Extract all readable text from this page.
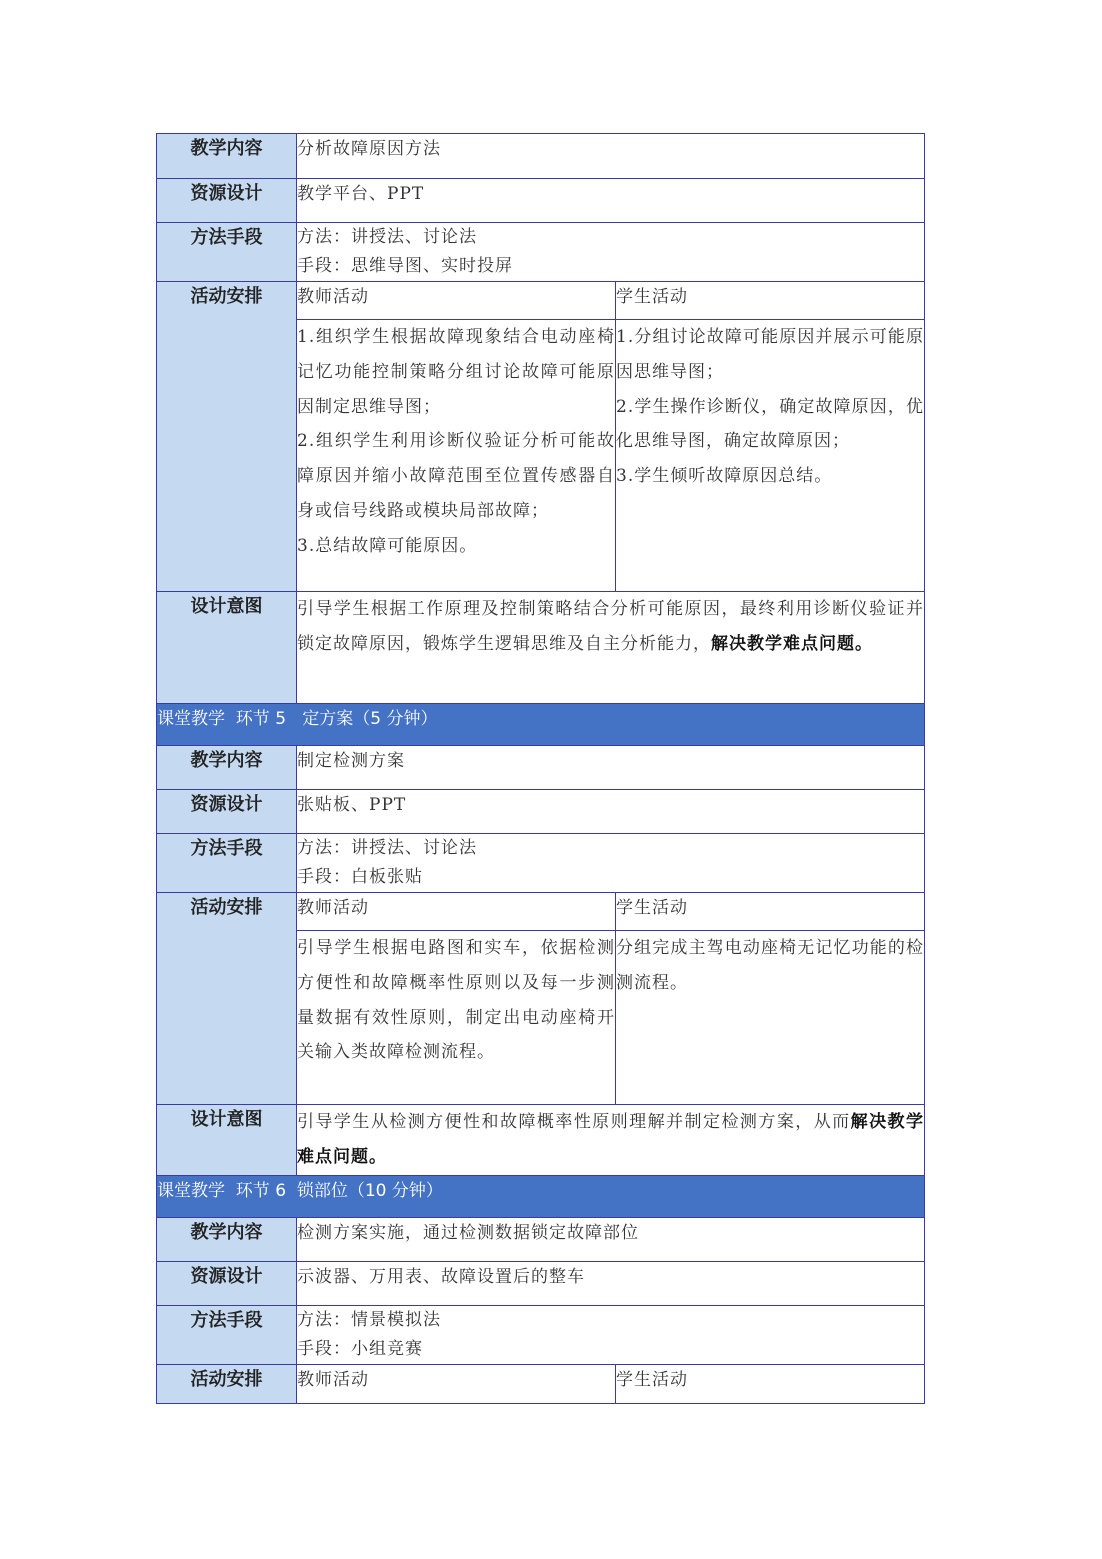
教学内容	分析故障原因方法	
资源设计	教学平台、PPT	
方法手段	方法：讲授法、讨论法
手段：思维导图、实时投屏	

活动安排	教师活动	学生活动

	1.组织学生根据故障现象结合电动座椅记忆功能控制策略分组讨论故障可能原因制定思维导图；
2.组织学生利用诊断仪验证分析可能故障原因并缩小故障范围至位置传感器自身或信号线路或模块局部故障；
3.总结故障可能原因。	1.分组讨论故障可能原因并展示可能原因思维导图；
2.学生操作诊断仪，确定故障原因，优化思维导图，确定故障原因；
3.学生倾听故障原因总结。

设计意图	引导学生根据工作原理及控制策略结合分析可能原因，最终利用诊断仪验证并锁定故障原因，锻炼学生逻辑思维及自主分析能力，解决教学难点问题。	
课堂教学  环节 5   定方案（5 分钟）		
教学内容	制定检测方案	
资源设计	张贴板、PPT	
方法手段	方法：讲授法、讨论法
手段：白板张贴	

活动安排	教师活动	学生活动
	引导学生根据电路图和实车，依据检测方便性和故障概率性原则以及每一步测量数据有效性原则，制定出电动座椅开关输入类故障检测流程。	分组完成主驾电动座椅无记忆功能的检测流程。
设计意图	引导学生从检测方便性和故障概率性原则理解并制定检测方案，从而解决教学难点问题。	
课堂教学  环节 6  锁部位（10 分钟）		
教学内容	检测方案实施，通过检测数据锁定故障部位	
资源设计	示波器、万用表、故障设置后的整车	
方法手段	方法：情景模拟法
手段：小组竞赛	

活动安排	教师活动	学生活动
